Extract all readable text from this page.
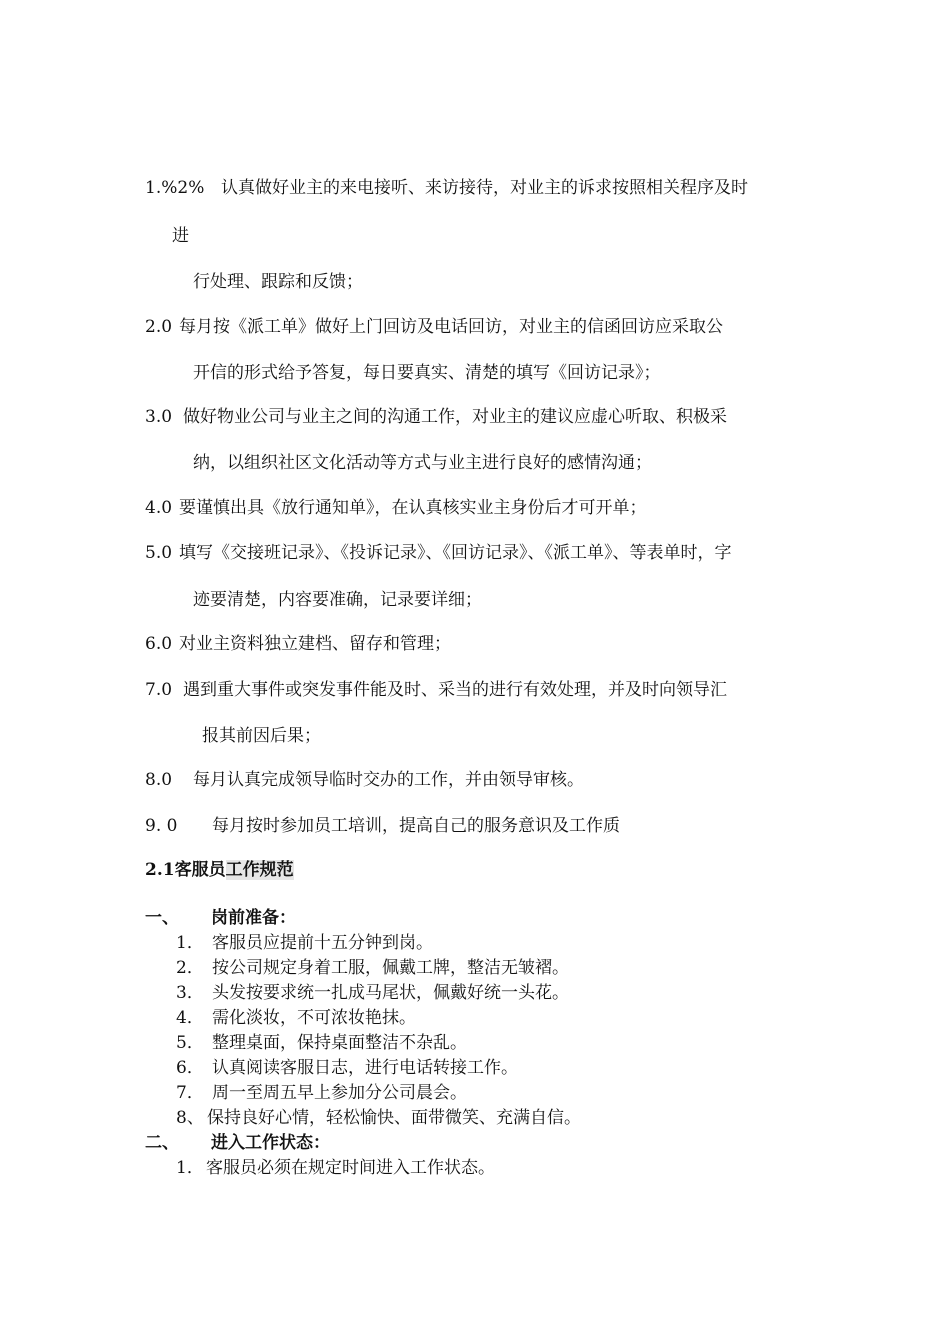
1.%2% 认真做好业主的来电接听、来访接待，对业主的诉求按照相关程序及时
进
行处理、跟踪和反馈；
2.0 每月按《派工单》做好上门回访及电话回访，对业主的信函回访应采取公
开信的形式给予答复，每日要真实、清楚的填写《回访记录》；
3.0 做好物业公司与业主之间的沟通工作，对业主的建议应虚心听取、积极采
纳，以组织社区文化活动等方式与业主进行良好的感情沟通；
4.0 要谨慎出具《放行通知单》，在认真核实业主身份后才可开单；
5.0 填写《交接班记录》、《投诉记录》、《回访记录》、《派工单》、等表单时，字
迹要清楚，内容要准确，记录要详细；
6.0 对业主资料独立建档、留存和管理；
7.0 遇到重大事件或突发事件能及时、采当的进行有效处理，并及时向领导汇
报其前因后果；
8.0 每月认真完成领导临时交办的工作，并由领导审核。
9. 0 每月按时参加员工培训，提高自己的服务意识及工作质
2.1客服员工作规范
一、 岗前准备：
1． 客服员应提前十五分钟到岗。
2． 按公司规定身着工服，佩戴工牌，整洁无皱褶。
3． 头发按要求统一扎成马尾状，佩戴好统一头花。
4． 需化淡妆，不可浓妆艳抹。
5． 整理桌面，保持桌面整洁不杂乱。
6． 认真阅读客服日志，进行电话转接工作。
7． 周一至周五早上参加分公司晨会。
8、 保持良好心情，轻松愉快、面带微笑、充满自信。
二、 进入工作状态：
1． 客服员必须在规定时间进入工作状态。
